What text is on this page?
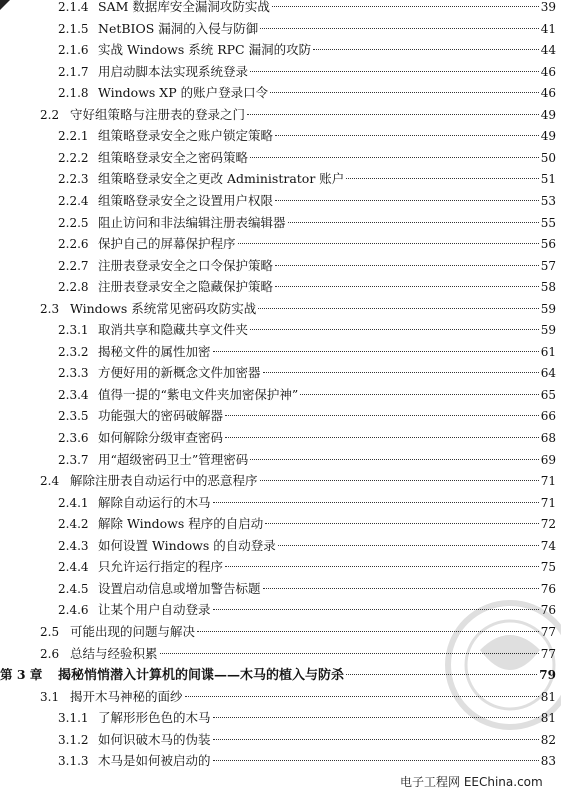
2.1.4 SAM 数据库安全漏洞攻防实战	39
2.1.5 NetBIOS 漏洞的入侵与防御	41
2.1.6 实战 Windows 系统 RPC 漏洞的攻防	44
2.1.7 用启动脚本法实现系统登录	46
2.1.8 Windows XP 的账户登录口令	46
2.2 守好组策略与注册表的登录之门	49
2.2.1 组策略登录安全之账户锁定策略	49
2.2.2 组策略登录安全之密码策略	50
2.2.3 组策略登录安全之更改 Administrator 账户	51
2.2.4 组策略登录安全之设置用户权限	53
2.2.5 阻止访问和非法编辑注册表编辑器	55
2.2.6 保护自己的屏幕保护程序	56
2.2.7 注册表登录安全之口令保护策略	57
2.2.8 注册表登录安全之隐藏保护策略	58
2.3 Windows 系统常见密码攻防实战	59
2.3.1 取消共享和隐藏共享文件夹	59
2.3.2 揭秘文件的属性加密	61
2.3.3 方便好用的新概念文件加密器	64
2.3.4 值得一提的“紫电文件夹加密保护神”	65
2.3.5 功能强大的密码破解器	66
2.3.6 如何解除分级审查密码	68
2.3.7 用“超级密码卫士”管理密码	69
2.4 解除注册表自动运行中的恶意程序	71
2.4.1 解除自动运行的木马	71
2.4.2 解除 Windows 程序的自启动	72
2.4.3 如何设置 Windows 的自动登录	74
2.4.4 只允许运行指定的程序	75
2.4.5 设置启动信息或增加警告标题	76
2.4.6 让某个用户自动登录	76
2.5 可能出现的问题与解决	77
2.6 总结与经验积累	77
第 3 章	揭秘悄悄潜入计算机的间谍——木马的植入与防杀	79
3.1 揭开木马神秘的面纱	81
3.1.1 了解形形色色的木马	81
3.1.2 如何识破木马的伪装	82
3.1.3 木马是如何被启动的	83
电子工程网 EEChina.com
